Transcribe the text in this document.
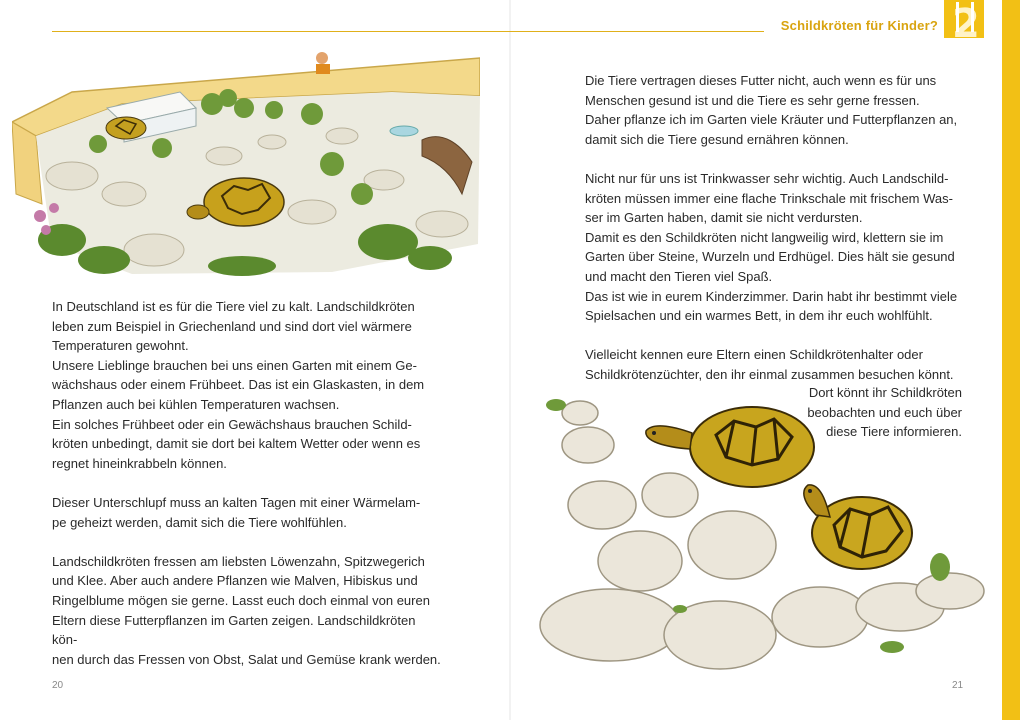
Schildkröten für Kinder? 2

In Deutschland ist es für die Tiere viel zu kalt. Landschildkröten
leben zum Beispiel in Griechenland und sind dort viel wärmere
Temperaturen gewohnt.
Unsere Lieblinge brauchen bei uns einen Garten mit einem Ge-
wächshaus oder einem Frühbeet. Das ist ein Glaskasten, in dem
Pflanzen auch bei kühlen Temperaturen wachsen.
Ein solches Frühbeet oder ein Gewächshaus brauchen Schild-
kröten unbedingt, damit sie dort bei kaltem Wetter oder wenn es
regnet hineinkrabbeln können.

Dieser Unterschlupf muss an kalten Tagen mit einer Wärmelam-
pe geheizt werden, damit sich die Tiere wohlfühlen.

Landschildkröten fressen am liebsten Löwenzahn, Spitzwegerich
und Klee. Aber auch andere Pflanzen wie Malven, Hibiskus und
Ringelblume mögen sie gerne. Lasst euch doch einmal von euren
Eltern diese Futterpflanzen im Garten zeigen. Landschildkröten kön-
nen durch das Fressen von Obst, Salat und Gemüse krank werden.

Die Tiere vertragen dieses Futter nicht, auch wenn es für uns
Menschen gesund ist und die Tiere es sehr gerne fressen.
Daher pflanze ich im Garten viele Kräuter und Futterpflanzen an,
damit sich die Tiere gesund ernähren können.

Nicht nur für uns ist Trinkwasser sehr wichtig. Auch Landschild-
kröten müssen immer eine flache Trinkschale mit frischem Was-
ser im Garten haben, damit sie nicht verdursten.
Damit es den Schildkröten nicht langweilig wird, klettern sie im
Garten über Steine, Wurzeln und Erdhügel. Dies hält sie gesund
und macht den Tieren viel Spaß.
Das ist wie in eurem Kinderzimmer. Darin habt ihr bestimmt viele
Spielsachen und ein warmes Bett, in dem ihr euch wohlfühlt.

Vielleicht kennen eure Eltern einen Schildkrötenhalter oder
Schildkrötenzüchter, den ihr einmal zusammen besuchen könnt.

Dort könnt ihr Schildkröten
beobachten und euch über
diese Tiere informieren.
20	21
